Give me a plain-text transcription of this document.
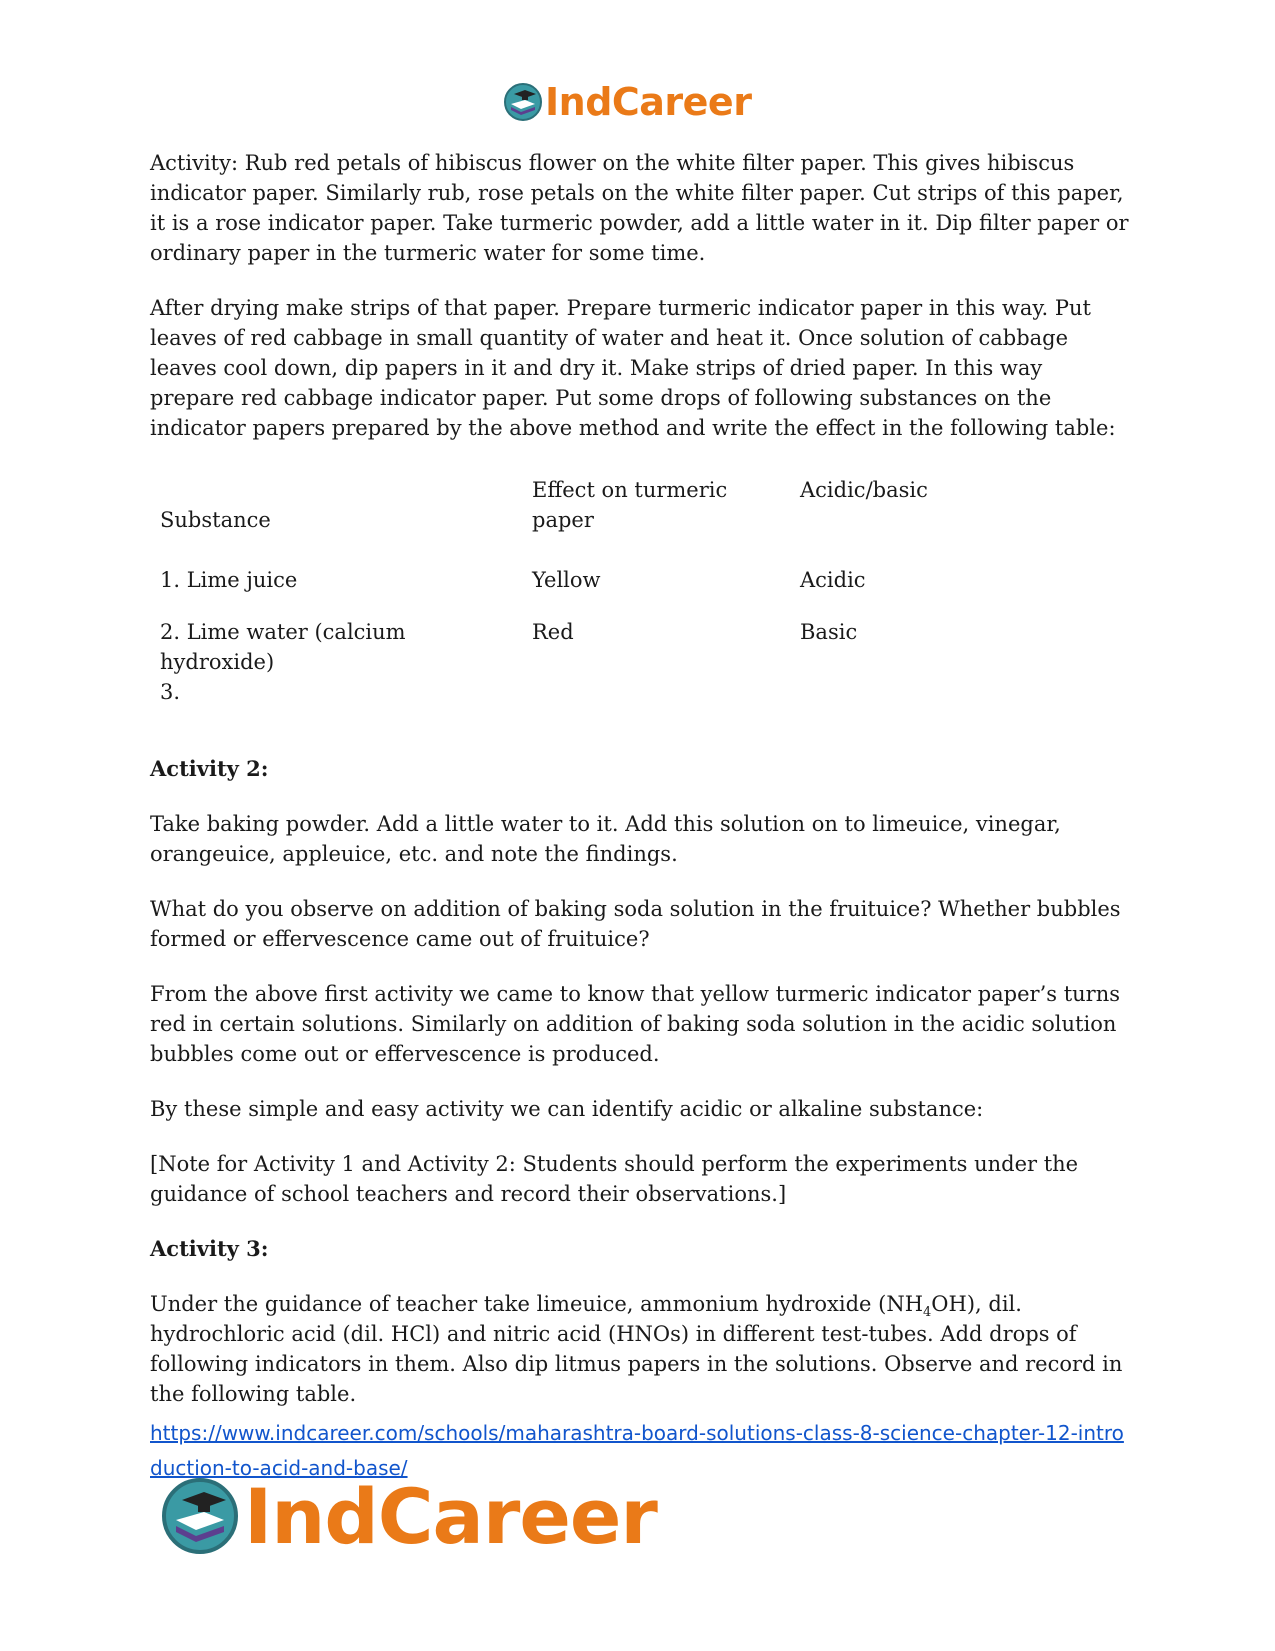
IndCareer

Activity: Rub red petals of hibiscus flower on the white filter paper. This gives hibiscus indicator paper. Similarly rub, rose petals on the white filter paper. Cut strips of this paper, it is a rose indicator paper. Take turmeric powder, add a little water in it. Dip filter paper or ordinary paper in the turmeric water for some time.

After drying make strips of that paper. Prepare turmeric indicator paper in this way. Put leaves of red cabbage in small quantity of water and heat it. Once solution of cabbage leaves cool down, dip papers in it and dry it. Make strips of dried paper. In this way prepare red cabbage indicator paper. Put some drops of following substances on the indicator papers prepared by the above method and write the effect in the following table:

Substance	Effect on turmeric paper	Acidic/basic
1. Lime juice	Yellow	Acidic
2. Lime water (calcium hydroxide)	Red	Basic
3.		

Activity 2:

Take baking powder. Add a little water to it. Add this solution on to limeuice, vinegar, orangeuice, appleuice, etc. and note the findings.

What do you observe on addition of baking soda solution in the fruituice? Whether bubbles formed or effervescence came out of fruituice?

From the above first activity we came to know that yellow turmeric indicator paper’s turns red in certain solutions. Similarly on addition of baking soda solution in the acidic solution bubbles come out or effervescence is produced.

By these simple and easy activity we can identify acidic or alkaline substance:

[Note for Activity 1 and Activity 2: Students should perform the experiments under the guidance of school teachers and record their observations.]

Activity 3:

Under the guidance of teacher take limeuice, ammonium hydroxide $(NH_4OH)$, dil. hydrochloric acid (dil. HCl) and nitric acid (HNOs) in different test-tubes. Add drops of following indicators in them. Also dip litmus papers in the solutions. Observe and record in the following table.

https://www.indcareer.com/schools/maharashtra-board-solutions-class-8-science-chapter-12-introduction-to-acid-and-base/
IndCareer
